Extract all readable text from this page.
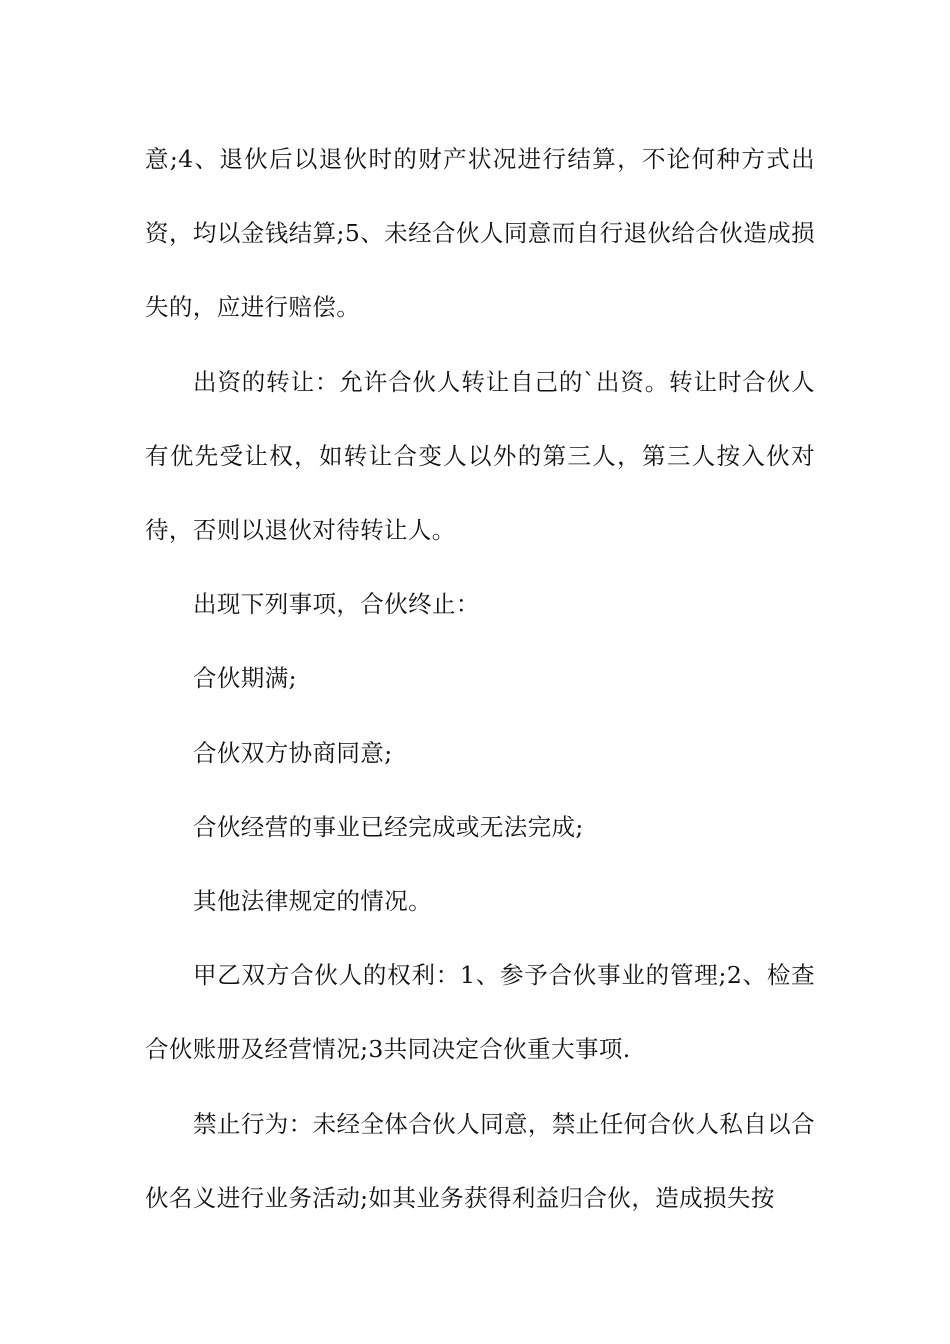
意;4、退伙后以退伙时的财产状况进行结算，不论何种方式出资，均以金钱结算;5、未经合伙人同意而自行退伙给合伙造成损失的，应进行赔偿。

出资的转让：允许合伙人转让自己的`出资。转让时合伙人有优先受让权，如转让合变人以外的第三人，第三人按入伙对待，否则以退伙对待转让人。

出现下列事项，合伙终止：

合伙期满;

合伙双方协商同意;

合伙经营的事业已经完成或无法完成;

其他法律规定的情况。

甲乙双方合伙人的权利：1、参予合伙事业的管理;2、检查合伙账册及经营情况;3共同决定合伙重大事项.

禁止行为：未经全体合伙人同意，禁止任何合伙人私自以合伙名义进行业务活动;如其业务获得利益归合伙，造成损失按
